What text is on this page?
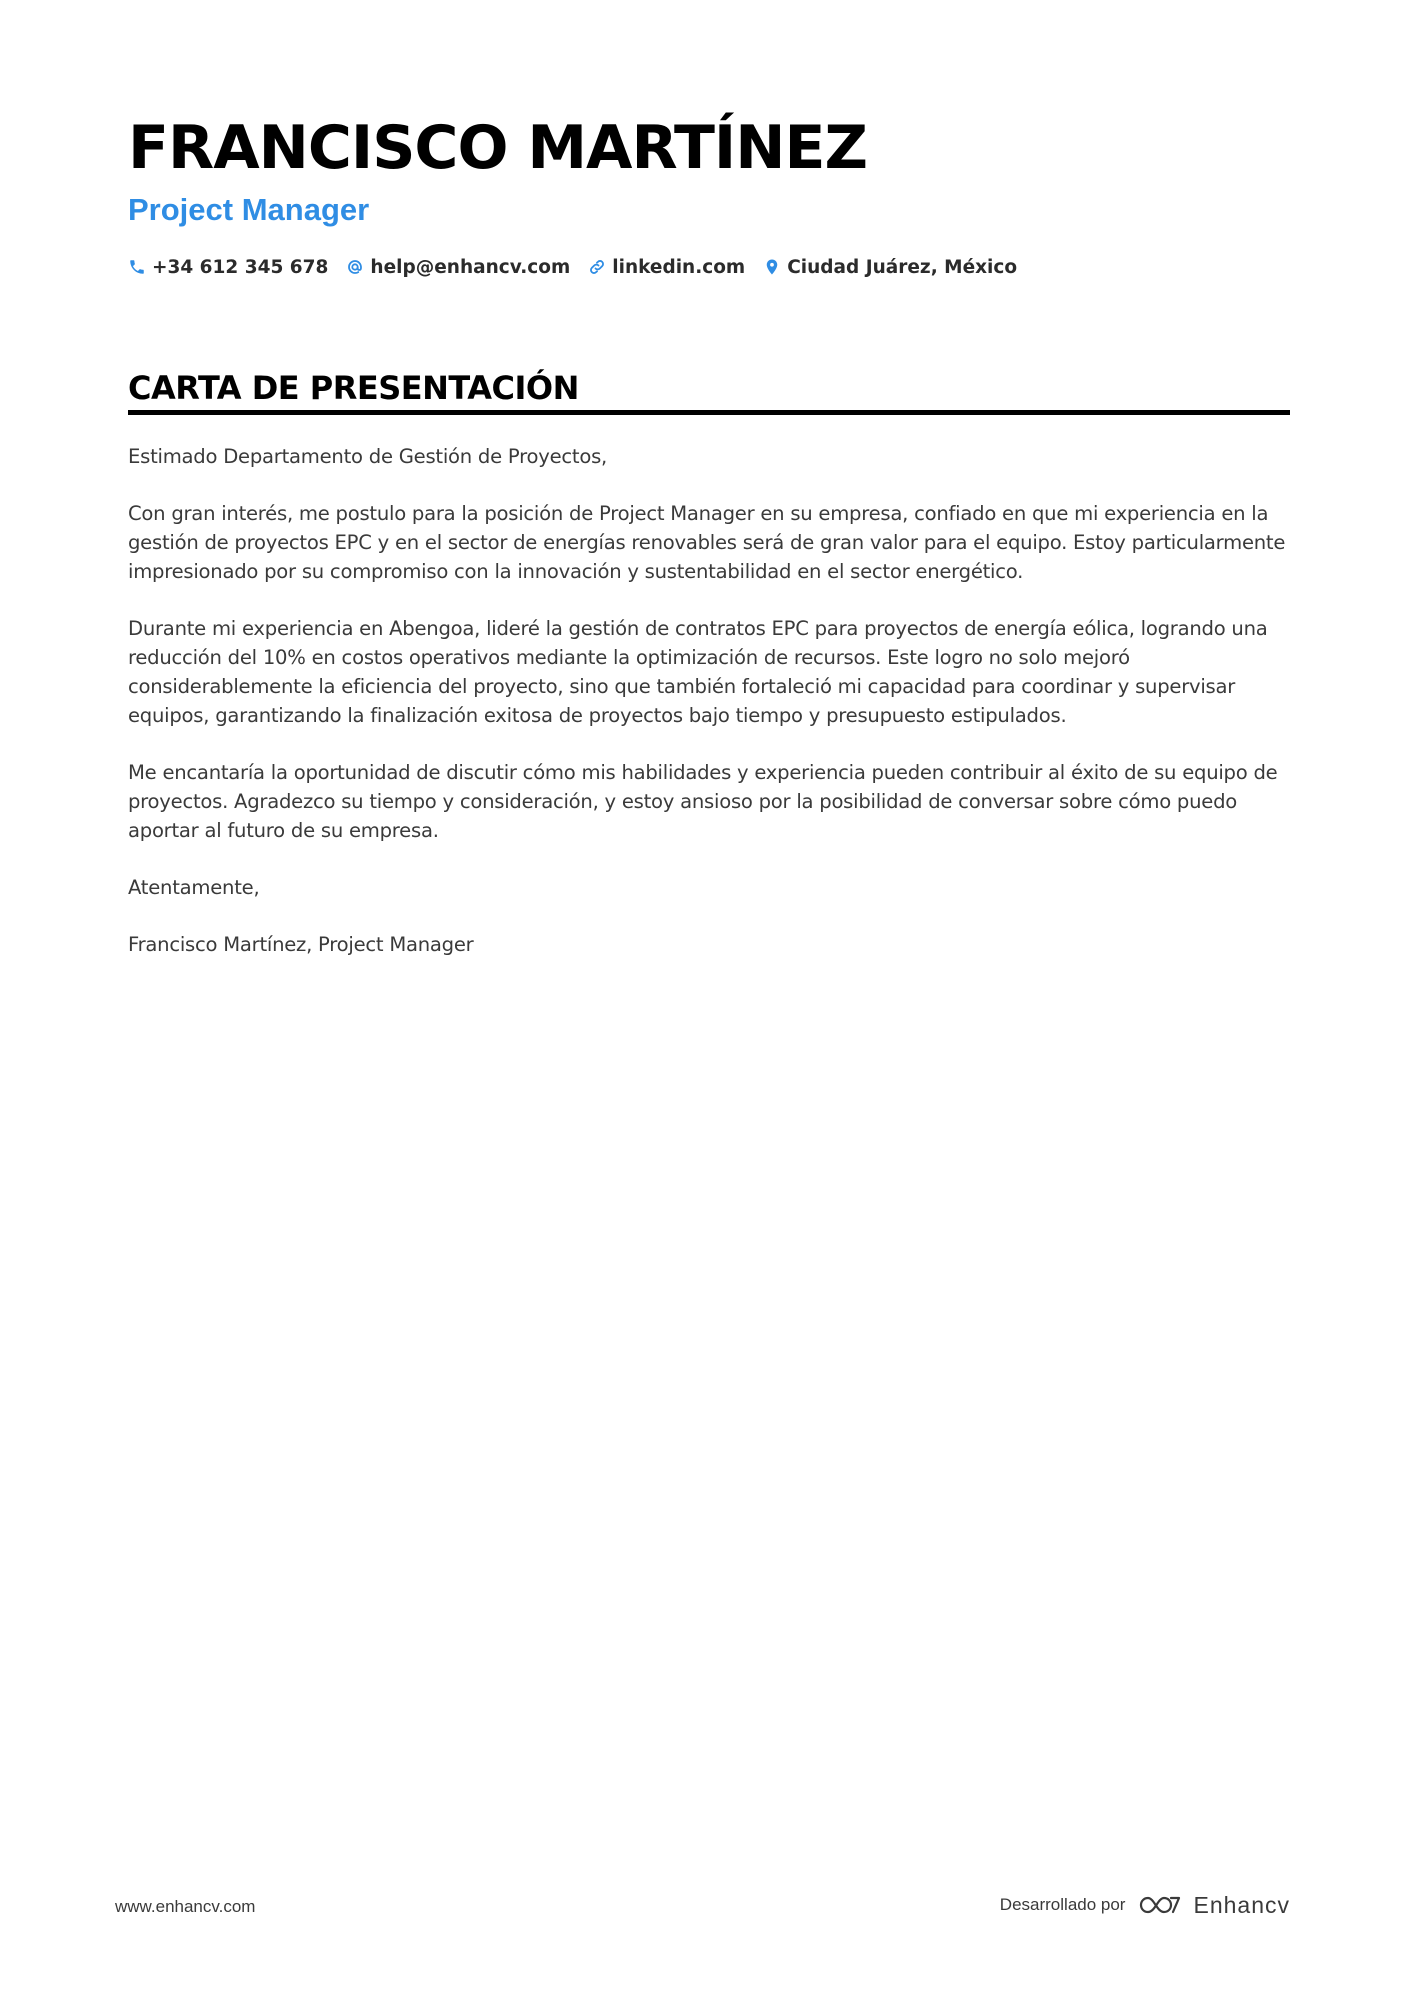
FRANCISCO MARTÍNEZ
Project Manager
+34 612 345 678 help@enhancv.com linkedin.com Ciudad Juárez, México
CARTA DE PRESENTACIÓN

Estimado Departamento de Gestión de Proyectos,

Con gran interés, me postulo para la posición de Project Manager en su empresa, confiado en que mi experiencia en la gestión de proyectos EPC y en el sector de energías renovables será de gran valor para el equipo. Estoy particularmente impresionado por su compromiso con la innovación y sustentabilidad en el sector energético.

Durante mi experiencia en Abengoa, lideré la gestión de contratos EPC para proyectos de energía eólica, logrando una reducción del 10% en costos operativos mediante la optimización de recursos. Este logro no solo mejoró considerablemente la eficiencia del proyecto, sino que también fortaleció mi capacidad para coordinar y supervisar equipos, garantizando la finalización exitosa de proyectos bajo tiempo y presupuesto estipulados.

Me encantaría la oportunidad de discutir cómo mis habilidades y experiencia pueden contribuir al éxito de su equipo de proyectos. Agradezco su tiempo y consideración, y estoy ansioso por la posibilidad de conversar sobre cómo puedo aportar al futuro de su empresa.

Atentamente,

Francisco Martínez, Project Manager

www.enhancv.com	Desarrollado por	Enhancv
